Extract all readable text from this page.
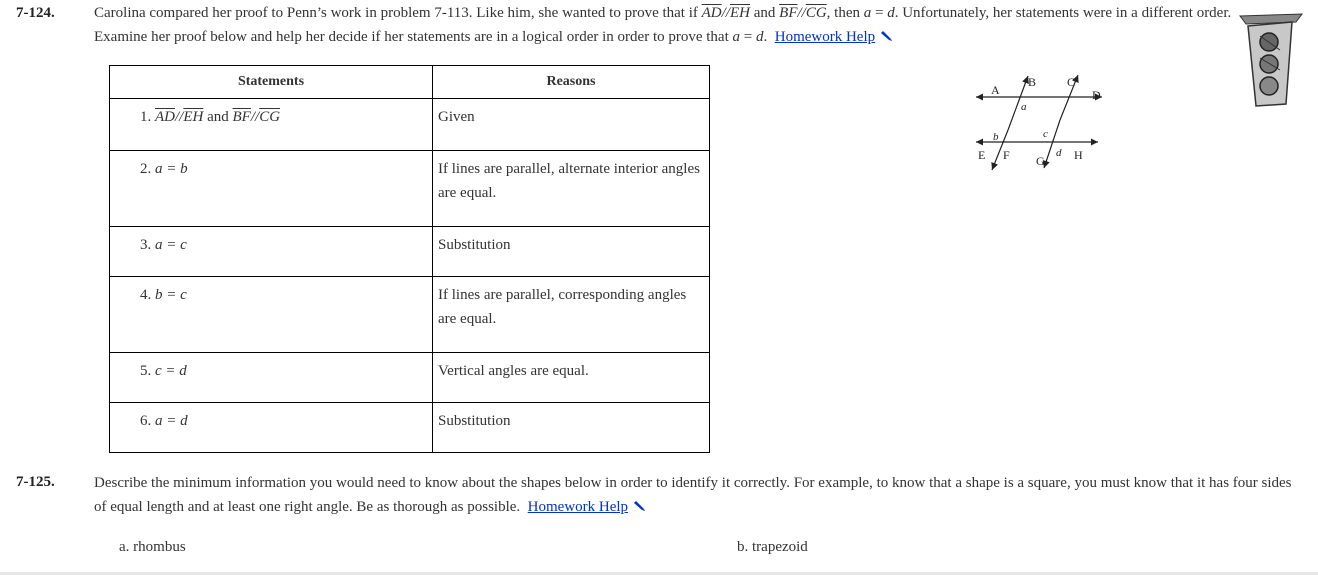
7-124.	Carolina compared her proof to Penn’s work in problem 7-113. Like him, she wanted to prove that if $\overline{AD}//\overline{EH}$ and $\overline{BF}//\overline{CG}$, then a = d. Unfortunately, her statements were in a different order. Examine her proof below and help her decide if her statements are in a logical order in order to prove that a = d. Homework Help
Statements	Reasons
1. $\overline{AD}//\overline{EH}$ and $\overline{BF}//\overline{CG}$	Given
2. a = b	If lines are parallel, alternate interior angles are equal.
3. a = c	Substitution
4. b = c	If lines are parallel, corresponding angles are equal.
5. c = d	Vertical angles are equal.
6. a = d	Substitution
A
B	C
D
E F G H
a
b	c
d
7-125.	Describe the minimum information you would need to know about the shapes below in order to identify it correctly. For example, to know that a shape is a square, you must know that it has four sides of equal length and at least one right angle. Be as thorough as possible.  Homework Help
a. rhombus	b. trapezoid
